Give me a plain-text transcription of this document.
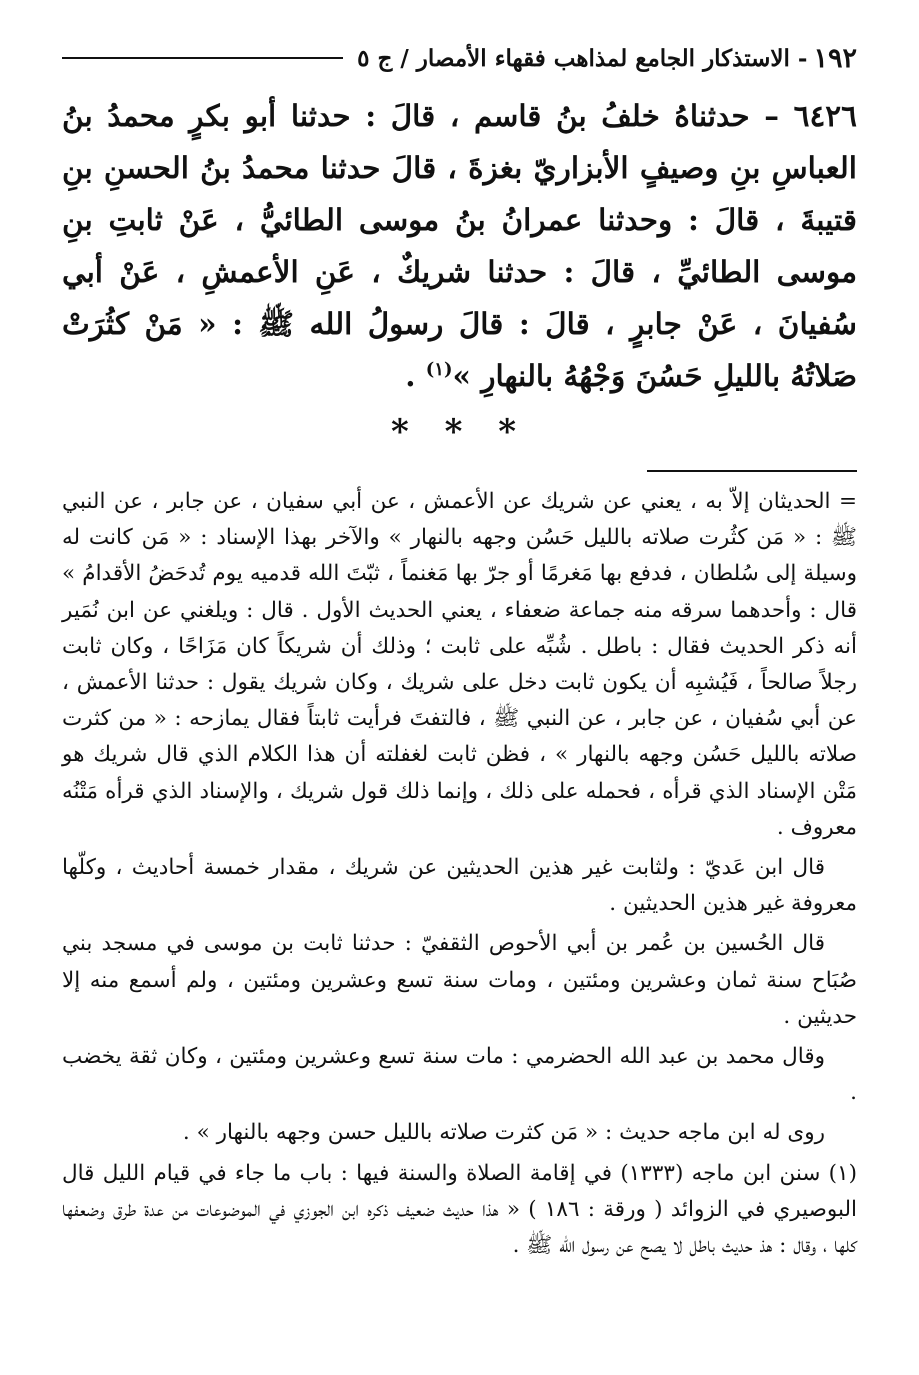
١٩٢
- الاستذكار الجامع لمذاهب فقهاء الأمصار / ج ٥

٦٤٢٦ – حدثناهُ خلفُ بنُ قاسم ، قالَ : حدثنا أبو بكرٍ محمدُ بنُ العباسِ بنِ وصيفٍ الأبزاريّ بغزةَ ، قالَ حدثنا محمدُ بنُ الحسنِ بنِ قتيبةَ ، قالَ : وحدثنا عمرانُ بنُ موسى الطائيُّ ، عَنْ ثابتِ بنِ موسى الطائيِّ ، قالَ : حدثنا شريكٌ ، عَنِ الأعمشِ ، عَنْ أبي سُفيانَ ، عَنْ جابرٍ ، قالَ : قالَ رسولُ الله ﷺ : « مَنْ كثُرَتْ صَلاتُهُ بالليلِ حَسُنَ وَجْهُهُ بالنهارِ »$^{(١)}$ .

* * *

= الحديثان إلاّ به ، يعني عن شريك عن الأعمش ، عن أبي سفيان ، عن جابر ، عن النبي ﷺ : « مَن كثُرت صلاته بالليل حَسُن وجهه بالنهار » والآخر بهذا الإسناد : « مَن كانت له وسيلة إلى سُلطان ، فدفع بها مَغرمًا أو جرّ بها مَغنماً ، ثبّتَ الله قدميه يوم تُدحَضُ الأقدامُ » قال : وأحدهما سرقه منه جماعة ضعفاء ، يعني الحديث الأول . قال : ويلغني عن ابن نُمَير أنه ذكر الحديث فقال : باطل . شُبِّه على ثابت ؛ وذلك أن شريكاً كان مَزَاحًا ، وكان ثابت رجلاً صالحاً ، فَيُشبِه أن يكون ثابت دخل على شريك ، وكان شريك يقول : حدثنا الأعمش ، عن أبي سُفيان ، عن جابر ، عن النبي ﷺ ، فالتفتَ فرأيت ثابتاً فقال يمازحه : « من كثرت صلاته بالليل حَسُن وجهه بالنهار » ، فظن ثابت لغفلته أن هذا الكلام الذي قال شريك هو مَتْن الإسناد الذي قرأه ، فحمله على ذلك ، وإنما ذلك قول شريك ، والإسناد الذي قرأه مَتْنُه معروف .

قال ابن عَديّ : ولثابت غير هذين الحديثين عن شريك ، مقدار خمسة أحاديث ، وكلّها معروفة غير هذين الحديثين .

قال الحُسين بن عُمر بن أبي الأحوص الثقفيّ : حدثنا ثابت بن موسى في مسجد بني صُبَاح سنة ثمان وعشرين ومئتين ، ومات سنة تسع وعشرين ومئتين ، ولم أسمع منه إلا حديثين .

وقال محمد بن عبد الله الحضرمي : مات سنة تسع وعشرين ومئتين ، وكان ثقة يخضب .

روى له ابن ماجه حديث : « مَن كثرت صلاته بالليل حسن وجهه بالنهار » .

(١) سنن ابن ماجه (١٣٣٣) في إقامة الصلاة والسنة فيها : باب ما جاء في قيام الليل قال البوصيري في الزوائد ( ورقة : ١٨٦ ) « هذا حديث ضعيف ذكره ابن الجوزي في الموضوعات من عدة طرق وضعفها كلها ، وقال : هذ حديث باطل لا يصح عن رسول الله ﷺ .
